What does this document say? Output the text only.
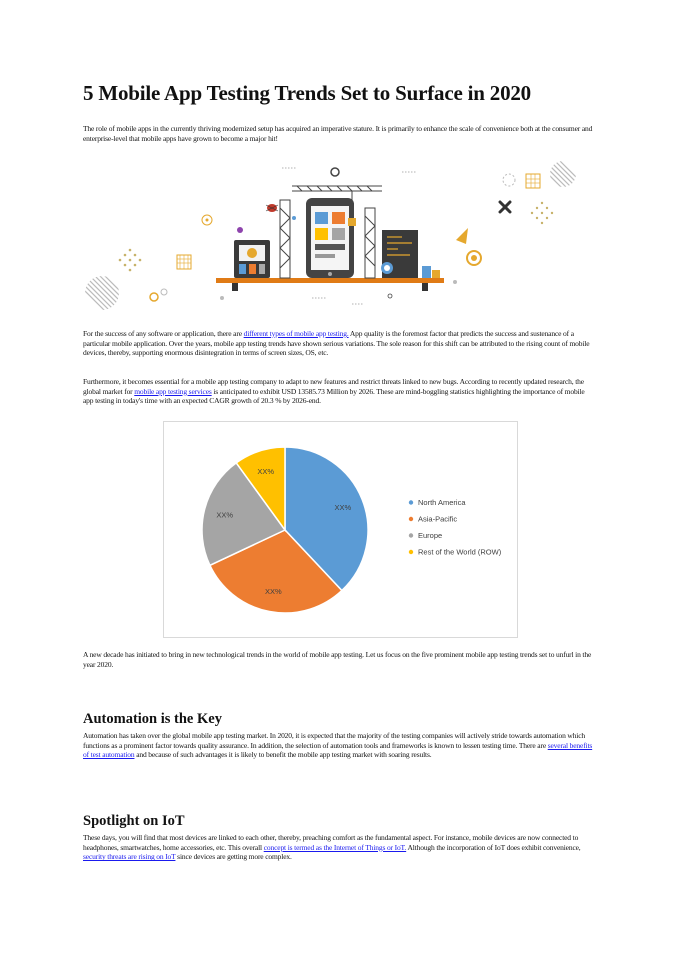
5 Mobile App Testing Trends Set to Surface in 2020

The role of mobile apps in the currently thriving modernized setup has acquired an imperative stature. It is primarily to enhance the scale of convenience both at the consumer and enterprise-level that mobile apps have grown to become a major hit!

For the success of any software or application, there are different types of mobile app testing. App quality is the foremost factor that predicts the success and sustenance of a particular mobile application. Over the years, mobile app testing trends have shown serious variations. The sole reason for this shift can be attributed to the rising count of mobile devices, thereby, supporting enormous disintegration in terms of screen sizes, OS, etc.

Furthermore, it becomes essential for a mobile app testing company to adapt to new features and restrict threats linked to new bugs. According to recently updated research, the global market for mobile app testing services is anticipated to exhibit USD 13585.73 Million by 2026. These are mind-boggling statistics highlighting the importance of mobile app testing in today's time with an expected CAGR growth of 20.3 % by 2026-end.

XX%
XX%
XX%
XX%
North America
Asia-Pacific
Europe
Rest of the World (ROW)

A new decade has initiated to bring in new technological trends in the world of mobile app testing. Let us focus on the five prominent mobile app testing trends set to unfurl in the year 2020.

Automation is the Key

Automation has taken over the global mobile app testing market. In 2020, it is expected that the majority of the testing companies will actively stride towards automation which functions as a prominent factor towards quality assurance. In addition, the selection of automation tools and frameworks is known to lessen testing time. There are several benefits of test automation and because of such advantages it is likely to benefit the mobile app testing market with soaring results.

Spotlight on IoT

These days, you will find that most devices are linked to each other, thereby, preaching comfort as the fundamental aspect. For instance, mobile devices are now connected to headphones, smartwatches, home accessories, etc. This overall concept is termed as the Internet of Things or IoT. Although the incorporation of IoT does exhibit convenience, security threats are rising on IoT since devices are getting more complex.
